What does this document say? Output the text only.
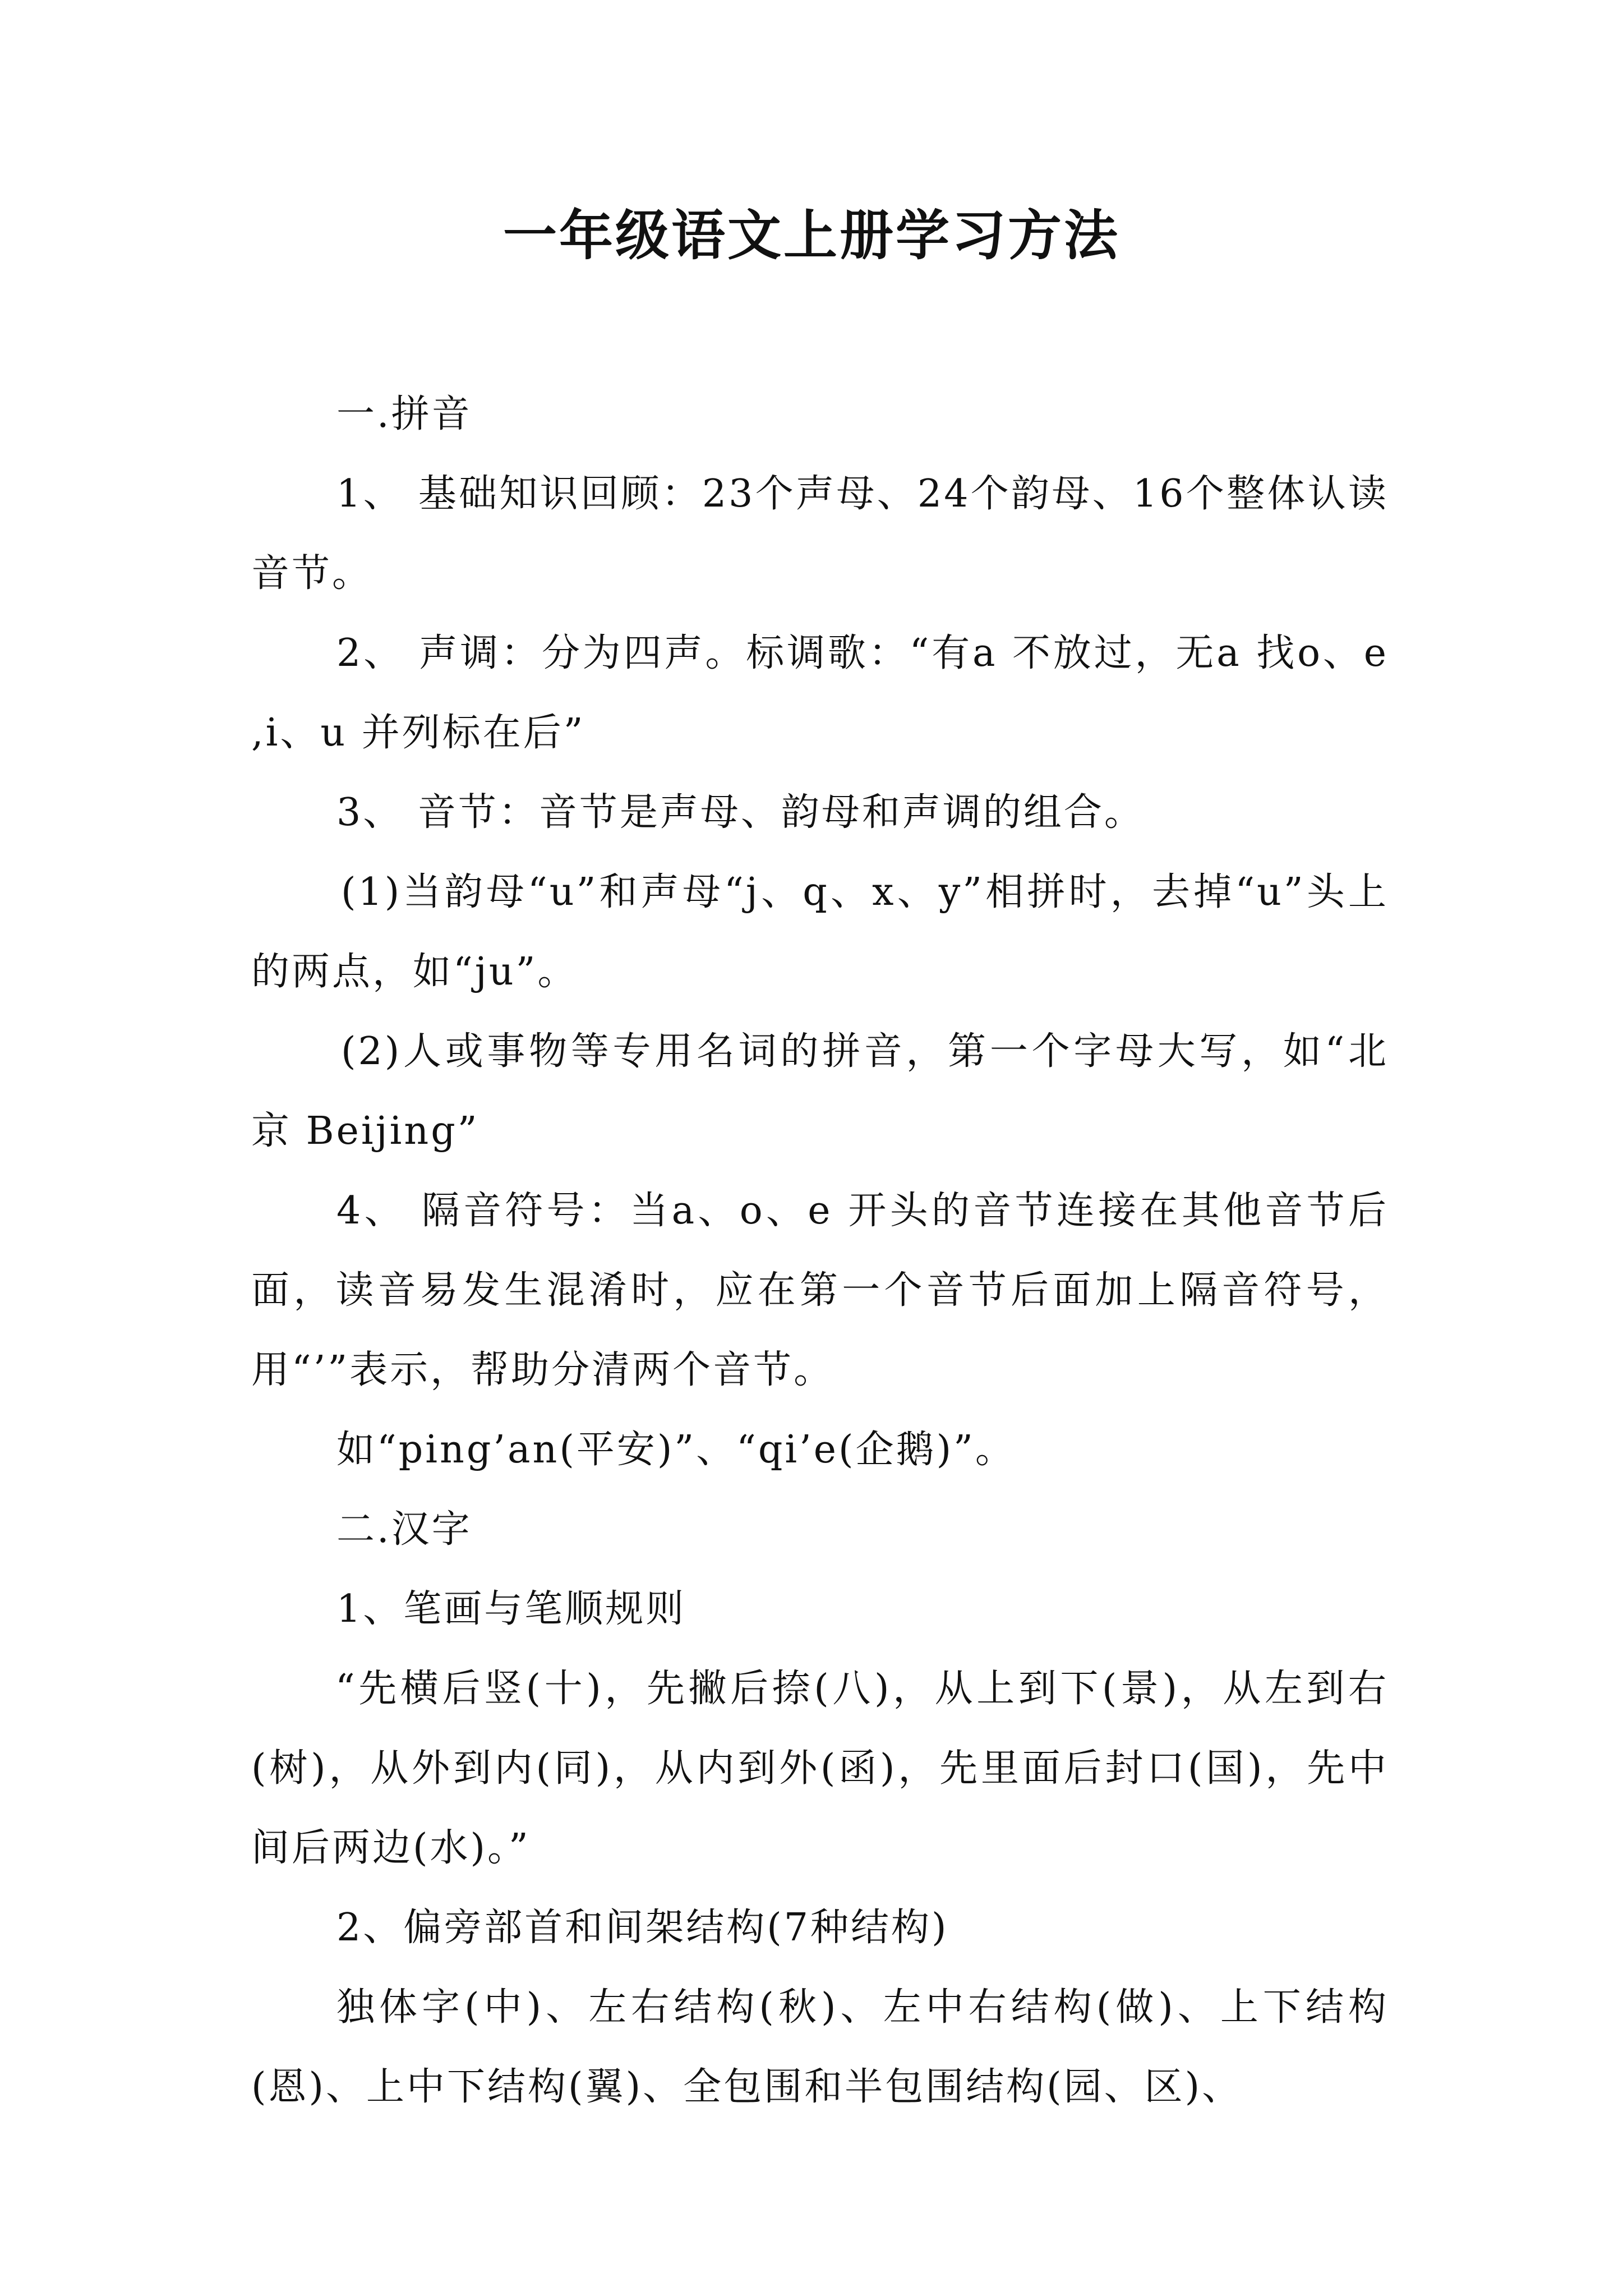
一年级语文上册学习方法

一.拼音

1、 基础知识回顾：23个声母、24个韵母、16个整体认读音节。

2、 声调：分为四声。标调歌：“有a 不放过，无a 找o、e ,i、u 并列标在后”

3、 音节：音节是声母、韵母和声调的组合。

(1)当韵母“u”和声母“j、q、x、y”相拼时，去掉“u”头上的两点，如“ju”。

(2)人或事物等专用名词的拼音，第一个字母大写，如“北京 Beijing”

4、 隔音符号：当a、o、e 开头的音节连接在其他音节后面，读音易发生混淆时，应在第一个音节后面加上隔音符号，用“’”表示，帮助分清两个音节。

如“ping’an(平安)”、“qi’e(企鹅)”。

二.汉字

1、笔画与笔顺规则

“先横后竖(十)，先撇后捺(八)，从上到下(景)，从左到右(树)，从外到内(同)，从内到外(函)，先里面后封口(国)，先中间后两边(水)。”

2、偏旁部首和间架结构(7种结构)

独体字(中)、左右结构(秋)、左中右结构(做)、上下结构(恩)、上中下结构(翼)、全包围和半包围结构(园、区)、
